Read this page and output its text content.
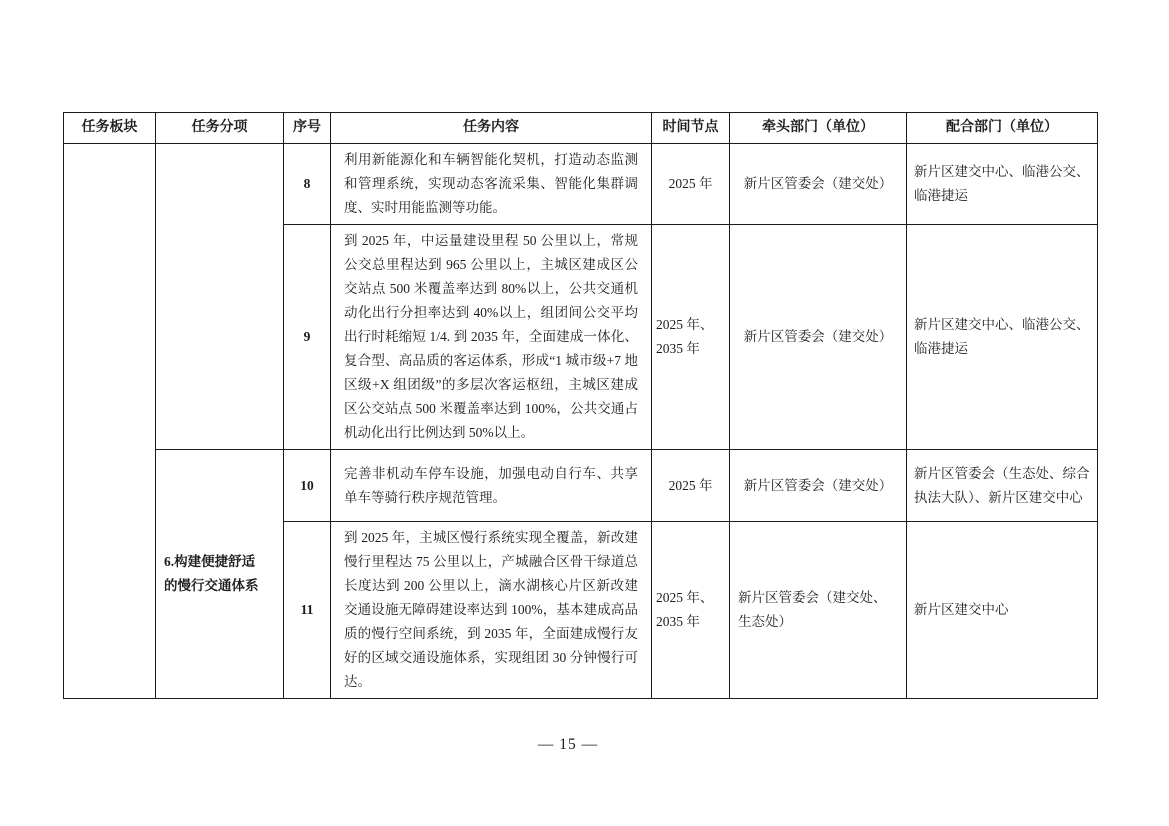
任务板块	任务分项	序号	任务内容	时间节点	牵头部门（单位）	配合部门（单位）
		8	利用新能源化和车辆智能化契机，打造动态监测和管理系统，实现动态客流采集、智能化集群调度、实时用能监测等功能。	2025 年	新片区管委会（建交处）	新片区建交中心、临港公交、临港捷运
		9	到 2025 年，中运量建设里程 50 公里以上，常规公交总里程达到 965 公里以上，主城区建成区公交站点 500 米覆盖率达到 80%以上，公共交通机动化出行分担率达到 40%以上，组团间公交平均出行时耗缩短 1/4. 到 2035 年，全面建成一体化、复合型、高品质的客运体系，形成“1 城市级+7 地区级+X 组团级”的多层次客运枢纽，主城区建成区公交站点 500 米覆盖率达到 100%，公共交通占机动化出行比例达到 50%以上。	2025 年、2035 年	新片区管委会（建交处）	新片区建交中心、临港公交、临港捷运
	6.构建便捷舒适的慢行交通体系	10	完善非机动车停车设施，加强电动自行车、共享单车等骑行秩序规范管理。	2025 年	新片区管委会（建交处）	新片区管委会（生态处、综合执法大队）、新片区建交中心
		11	到 2025 年，主城区慢行系统实现全覆盖，新改建慢行里程达 75 公里以上，产城融合区骨干绿道总长度达到 200 公里以上，滴水湖核心片区新改建交通设施无障碍建设率达到 100%，基本建成高品质的慢行空间系统，到 2035 年，全面建成慢行友好的区域交通设施体系，实现组团 30 分钟慢行可达。	2025 年、2035 年	新片区管委会（建交处、生态处）	新片区建交中心
— 15 —
